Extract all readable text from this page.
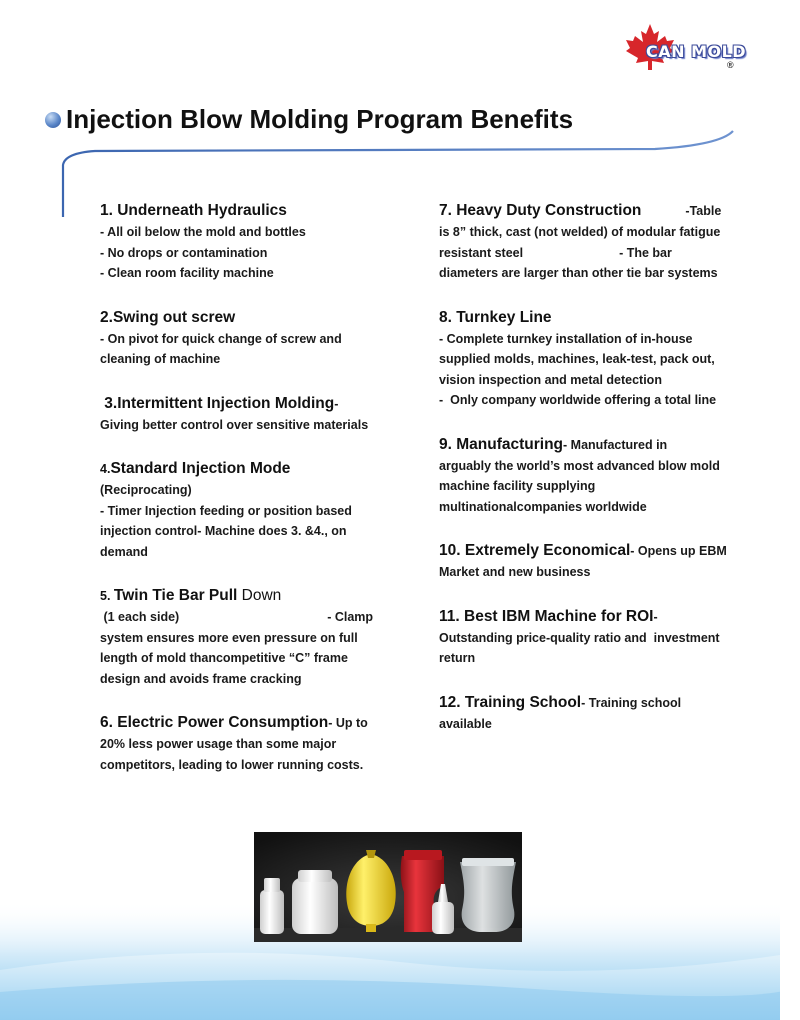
CAN MOLD
®
Injection Blow Molding Program Benefits
1. Underneath Hydraulics
- All oil below the mold and bottles
- No drops or contamination
- Clean room facility machine
2.Swing out screw
- On pivot for quick change of screw and
cleaning of machine
3.Intermittent Injection Molding-
Giving better control over sensitive materials
4.Standard Injection Mode
(Reciprocating)
- Timer Injection feeding or position based
injection control- Machine does 3. &4., on
demand
5. Twin Tie Bar Pull Down
(1 each side)	- Clamp
system ensures more even pressure on full
length of mold thancompetitive “C” frame
design and avoids frame cracking
6. Electric Power Consumption- Up to
20% less power usage than some major
competitors, leading to lower running costs.
7. Heavy Duty Construction	-Table
is 8” thick, cast (not welded) of modular fatigue
resistant steel	- The bar
diameters are larger than other tie bar systems
8. Turnkey Line
- Complete turnkey installation of in-house
supplied molds, machines, leak-test, pack out,
vision inspection and metal detection
-  Only company worldwide offering a total line
9. Manufacturing- Manufactured in
arguably the world’s most advanced blow mold
machine facility supplying
multinationalcompanies worldwide
10. Extremely Economical- Opens up EBM
Market and new business
11. Best IBM Machine for ROI-
Outstanding price-quality ratio and  investment
return
12. Training School- Training school
available
